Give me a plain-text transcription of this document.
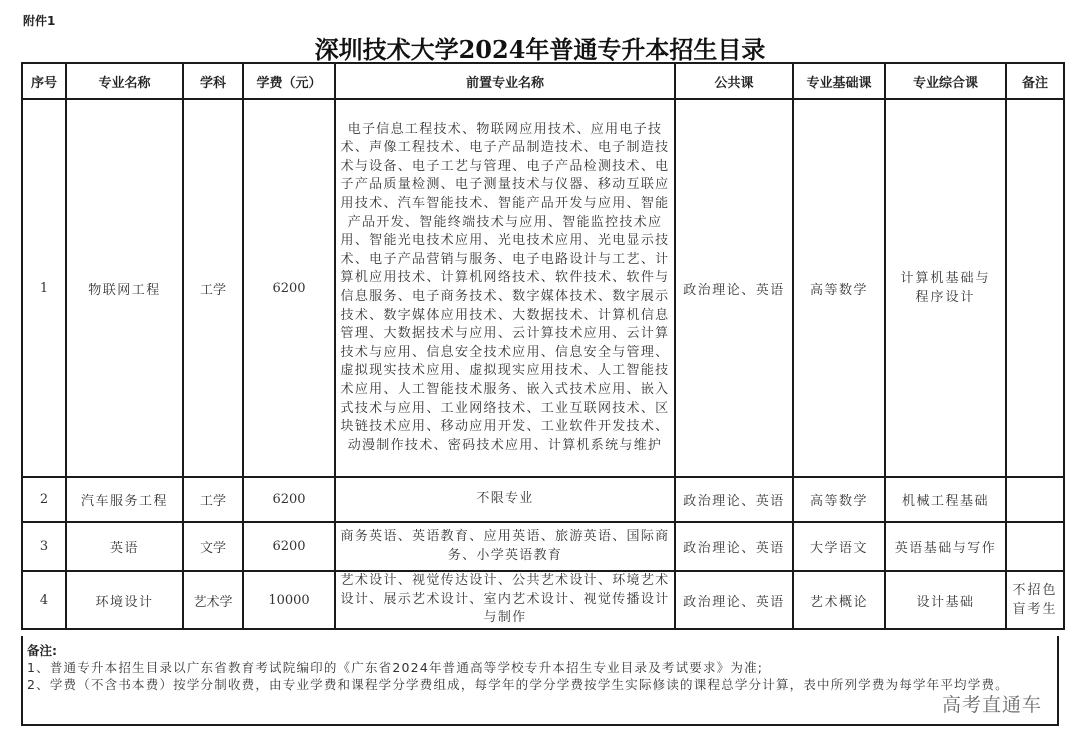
附件1
深圳技术大学2024年普通专升本招生目录
序号	专业名称	学科	学费（元）	前置专业名称	公共课	专业基础课	专业综合课	备注
1	物联网工程	工学	6200	电子信息工程技术、物联网应用技术、应用电子技术、声像工程技术、电子产品制造技术、电子制造技术与设备、电子工艺与管理、电子产品检测技术、电子产品质量检测、电子测量技术与仪器、移动互联应用技术、汽车智能技术、智能产品开发与应用、智能产品开发、智能终端技术与应用、智能监控技术应用、智能光电技术应用、光电技术应用、光电显示技术、电子产品营销与服务、电子电路设计与工艺、计算机应用技术、计算机网络技术、软件技术、软件与信息服务、电子商务技术、数字媒体技术、数字展示技术、数字媒体应用技术、大数据技术、计算机信息管理、大数据技术与应用、云计算技术应用、云计算技术与应用、信息安全技术应用、信息安全与管理、虚拟现实技术应用、虚拟现实应用技术、人工智能技术应用、人工智能技术服务、嵌入式技术应用、嵌入式技术与应用、工业网络技术、工业互联网技术、区块链技术应用、移动应用开发、工业软件开发技术、动漫制作技术、密码技术应用、计算机系统与维护	政治理论、英语	高等数学	计算机基础与程序设计	
2	汽车服务工程	工学	6200	不限专业	政治理论、英语	高等数学	机械工程基础	
3	英语	文学	6200	商务英语、英语教育、应用英语、旅游英语、国际商务、小学英语教育	政治理论、英语	大学语文	英语基础与写作	
4	环境设计	艺术学	10000	艺术设计、视觉传达设计、公共艺术设计、环境艺术设计、展示艺术设计、室内艺术设计、视觉传播设计与制作	政治理论、英语	艺术概论	设计基础	不招色盲考生
备注:
1、普通专升本招生目录以广东省教育考试院编印的《广东省2024年普通高等学校专升本招生专业目录及考试要求》为准;
2、学费（不含书本费）按学分制收费，由专业学费和课程学分学费组成，每学年的学分学费按学生实际修读的课程总学分计算，表中所列学费为每学年平均学费。
高考直通车
